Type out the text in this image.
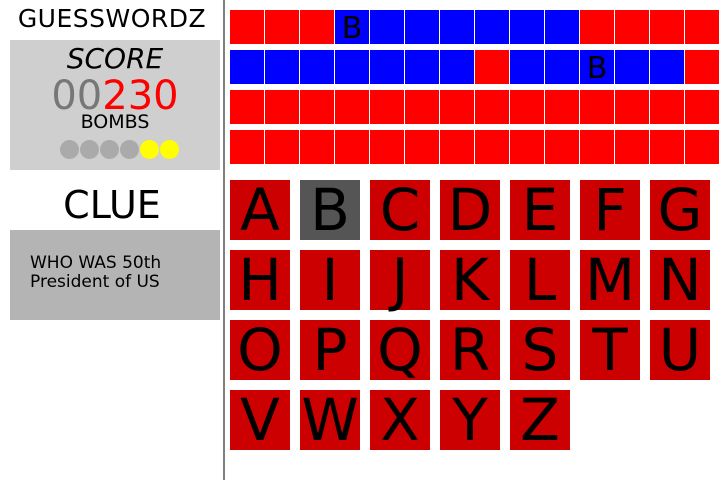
GUESSWORDZ
SCORE
00230
BOMBS
CLUE
WHO WAS 50th President of US
B
B
A B C D E F G
H I J K L M N
O P Q R S T U
V W X Y Z
